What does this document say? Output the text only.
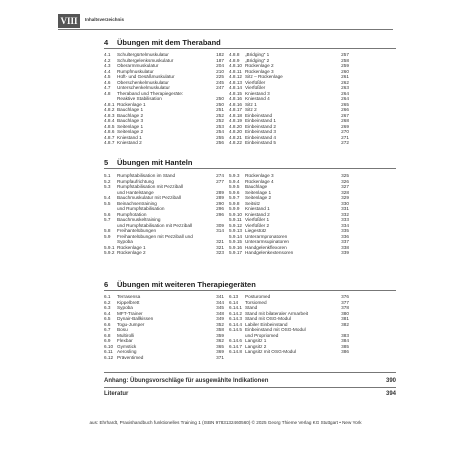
VIII	Inhaltsverzeichnis
4 Übungen mit dem Theraband
4.1 Schultergürtelmuskulatur	182
4.2 Schultergelenksmuskulatur	187
4.3 Oberarmmuskulatur	204
4.4 Rumpfmuskulatur	210
4.5 Hüft- und Gesäßmuskulatur	225
4.6 Oberschenkelmuskulatur	245
4.7 Unterschenkelmuskulatur	247
4.8 Theraband und Therapiegeräte:
Reaktive Stabilisation	250
4.8.1 Rückenlage 1	250
4.8.2 Bauchlage 1	251
4.8.3 Bauchlage 2	252
4.8.4 Bauchlage 3	252
4.8.5 Seitenlage 1	253
4.8.6 Seitenlage 2	254
4.8.7 Kniestand 1	255
4.8.7 Kniestand 2	256
4.8.8 „Bridging“ 1	257
4.8.9 „Bridging“ 2	258
4.8.10 Rückenlage 2	259
4.8.11 Rückenlage 3	260
4.8.12 Sitz – Rückenlage	261
4.8.13 Vierfüßler	262
4.8.14 Vierfüßler	263
4.8.15 Kniestand 3	264
4.8.16 Kniestand 4	264
4.8.16 Sitz 1	265
4.8.17 Sitz 2	266
4.8.18 Einbeinstand	267
4.8.19 Einbeinstand 1	268
4.8.20 Einbeinstand 2	269
4.8.20 Einbeinstand 3	270
4.8.21 Einbeinstand 4	271
4.8.22 Einbeinstand 5	272
5 Übungen mit Hanteln
5.1 Rumpfstabilisation im Stand	274
5.2 Rumpfaufrichtung	277
5.3 Rumpfstabilisation mit Pezziball
und Hantelstange	289
5.4 Bauchmuskulatur mit Pezziball	289
5.5 Beinachsentraining	290
und Rumpfstabilisation	296
5.6 Rumpfrotation	296
5.7 Bauchmuskeltraining
und Rumpfstabilisation mit Pezziball	309
5.8 Freihantelübungen	314
5.9 Freihantelübungen mit Pezziball und
Sypoba	321
5.9.1 Rückenlage 1	321
5.9.2 Rückenlage 2	323
5.9.3 Rückenlage 3	325
5.9.4 Rückenlage 4	326
5.9.5 Bauchlage	327
5.9.6 Seitenlage 1	328
5.9.7 Seitenlage 2	329
5.9.8 Seitsitz	330
5.9.9 Kniestand 1	331
5.9.10 Kniestand 2	332
5.9.11 Vierfüßler 1	333
5.9.12 Vierfüßler 2	334
5.9.13 Liegestütz	335
5.9.14 Unterarmpronatoren	336
5.9.15 Unterarmsupinatoren	337
5.9.16 Handgelenkflexoren	338
5.9.17 Handgelenkextensoren	339
6 Übungen mit weiteren Therapiegeräten
6.1 Terrasensa	341
6.2 Kippelbrett	344
6.3 Sypoba	345
6.4 MFT-Trainer	348
6.5 Dynair-Ballkissen	349
6.6 Togu-Jumper	352
6.7 Bosu	358
6.8 Multirolli	359
6.9 Flexbar	362
6.10 Gymstick	365
6.11 Aerosling	369
6.12 Präventimed	371
6.13 Posturomed	376
6.14 Torsiomed	377
6.14.1 Stand	378
6.14.2 Stand mit bilateraler Armarbeit	380
6.14.3 Stand mit OSG-Modul	381
6.14.4 Labiler Einbeinstand	382
6.14.5 Einbeinstand mit OSG-Modul
und Propriomed	383
6.14.6 Langsitz 1	384
6.14.7 Langsitz 2	385
6.14.8 Langsitz mit OSG-Modul	386
Anhang: Übungsvorschläge für ausgewählte Indikationen	390
Literatur	394
aus: Ehrhardt, Praxishandbuch funktionelles Training 1 (ISBN 9783132460560) © 2025 Georg Thieme Verlag KG Stuttgart • New York
